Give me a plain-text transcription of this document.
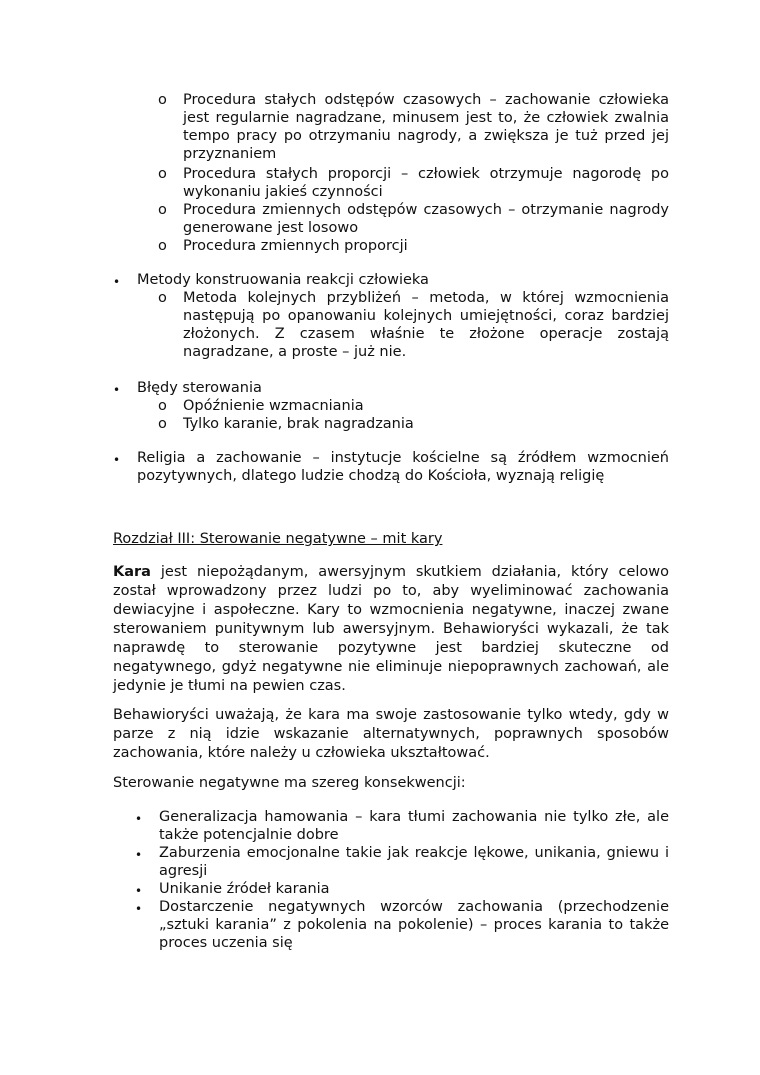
o	Procedura stałych odstępów czasowych – zachowanie człowieka jest regularnie nagradzane, minusem jest to, że człowiek zwalnia tempo pracy po otrzymaniu nagrody, a zwiększa je tuż przed jej przyznaniem

o	Procedura stałych proporcji – człowiek otrzymuje nagorodę po wykonaniu jakieś czynności

o	Procedura zmiennych odstępów czasowych – otrzymanie nagrody generowane jest losowo

o	Procedura zmiennych proporcji

•	Metody konstruowania reakcji człowieka

o	Metoda kolejnych przybliżeń – metoda, w której wzmocnienia następują po opanowaniu kolejnych umiejętności, coraz bardziej złożonych. Z czasem właśnie te złożone operacje zostają nagradzane, a proste – już nie.

•	Błędy sterowania

o	Opóźnienie wzmacniania

o	Tylko karanie, brak nagradzania

•	Religia a zachowanie – instytucje kościelne są źródłem wzmocnień pozytywnych, dlatego ludzie chodzą do Kościoła, wyznają religię

Rozdział III: Sterowanie negatywne – mit kary

Kara jest niepożądanym, awersyjnym skutkiem działania, który celowo został wprowadzony przez ludzi po to, aby wyeliminować zachowania dewiacyjne i aspołeczne. Kary to wzmocnienia negatywne, inaczej zwane sterowaniem punitywnym lub awersyjnym. Behawioryści wykazali, że tak naprawdę to sterowanie pozytywne jest bardziej skuteczne od negatywnego, gdyż negatywne nie eliminuje niepoprawnych zachowań, ale jedynie je tłumi na pewien czas.

Behawioryści uważają, że kara ma swoje zastosowanie tylko wtedy, gdy w parze z nią idzie wskazanie alternatywnych, poprawnych sposobów zachowania, które należy u człowieka ukształtować.

Sterowanie negatywne ma szereg konsekwencji:

•	Generalizacja hamowania – kara tłumi zachowania nie tylko złe, ale także potencjalnie dobre

•	Zaburzenia emocjonalne takie jak reakcje lękowe, unikania, gniewu i agresji

•	Unikanie źródeł karania

•	Dostarczenie negatywnych wzorców zachowania (przechodzenie „sztuki karania” z pokolenia na pokolenie) – proces karania to także proces uczenia się
